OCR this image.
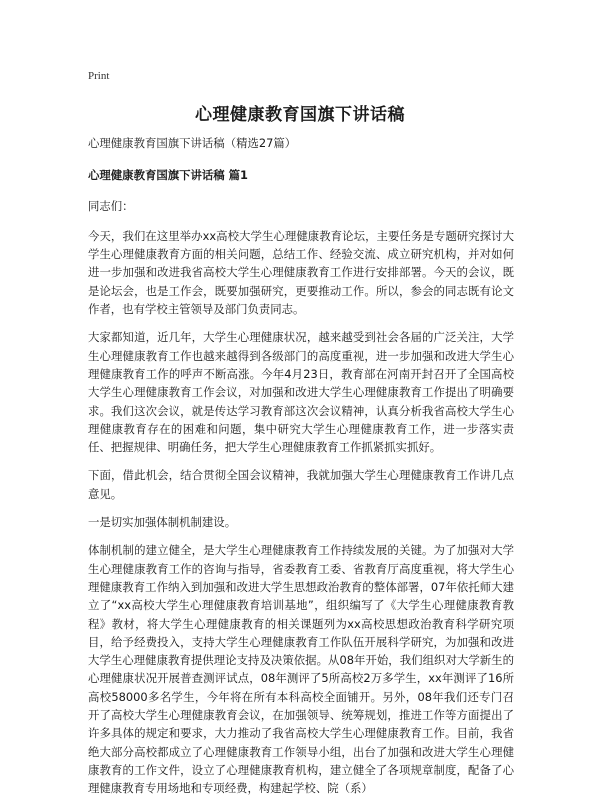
Print
心理健康教育国旗下讲话稿

心理健康教育国旗下讲话稿（精选27篇）

心理健康教育国旗下讲话稿 篇1

同志们：

今天，我们在这里举办xx高校大学生心理健康教育论坛，主要任务是专题研究探讨大学生心理健康教育方面的相关问题，总结工作、经验交流、成立研究机构，并对如何进一步加强和改进我省高校大学生心理健康教育工作进行安排部署。今天的会议，既是论坛会，也是工作会，既要加强研究，更要推动工作。所以，参会的同志既有论文作者，也有学校主管领导及部门负责同志。

大家都知道，近几年，大学生心理健康状况，越来越受到社会各届的广泛关注，大学生心理健康教育工作也越来越得到各级部门的高度重视，进一步加强和改进大学生心理健康教育工作的呼声不断高涨。今年4月23日，教育部在河南开封召开了全国高校大学生心理健康教育工作会议，对加强和改进大学生心理健康教育工作提出了明确要求。我们这次会议，就是传达学习教育部这次会议精神，认真分析我省高校大学生心理健康教育存在的困难和问题，集中研究大学生心理健康教育工作，进一步落实责任、把握规律、明确任务，把大学生心理健康教育工作抓紧抓实抓好。

下面，借此机会，结合贯彻全国会议精神，我就加强大学生心理健康教育工作讲几点意见。

一是切实加强体制机制建设。

体制机制的建立健全，是大学生心理健康教育工作持续发展的关键。为了加强对大学生心理健康教育工作的咨询与指导，省委教育工委、省教育厅高度重视，将大学生心理健康教育工作纳入到加强和改进大学生思想政治教育的整体部署，07年依托师大建立了“xx高校大学生心理健康教育培训基地”，组织编写了《大学生心理健康教育教程》教材，将大学生心理健康教育的相关课题列为xx高校思想政治教育科学研究项目，给予经费投入，支持大学生心理健康教育工作队伍开展科学研究，为加强和改进大学生心理健康教育提供理论支持及决策依据。从08年开始，我们组织对大学新生的心理健康状况开展普查测评试点，08年测评了5所高校2万多学生，xx年测评了16所高校58000多名学生，今年将在所有本科高校全面铺开。另外，08年我们还专门召开了高校大学生心理健康教育会议，在加强领导、统筹规划，推进工作等方面提出了许多具体的规定和要求，大力推动了我省高校大学生心理健康教育工作。目前，我省绝大部分高校都成立了心理健康教育工作领导小组，出台了加强和改进大学生心理健康教育的工作文件，设立了心理健康教育机构，建立健全了各项规章制度，配备了心理健康教育专用场地和专项经费，构建起学校、院（系）
